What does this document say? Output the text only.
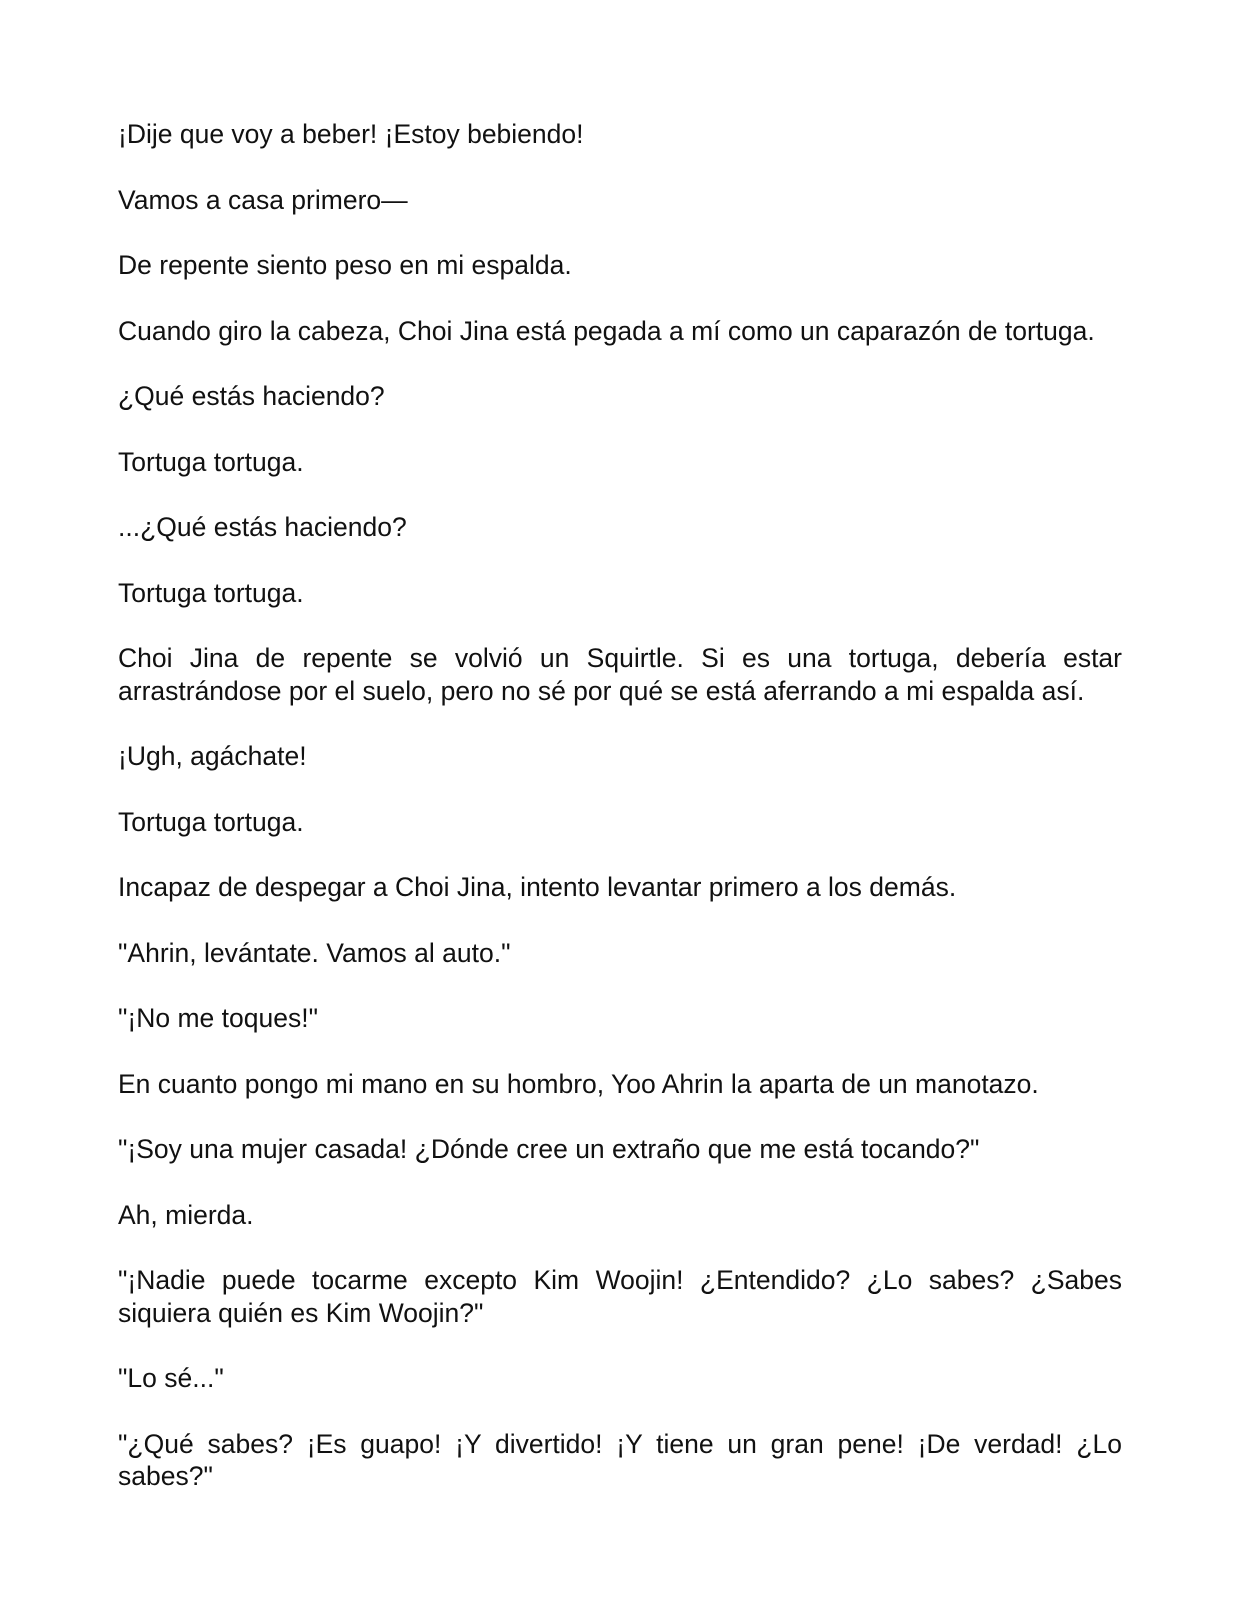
¡Dije que voy a beber! ¡Estoy bebiendo!

Vamos a casa primero—

De repente siento peso en mi espalda.

Cuando giro la cabeza, Choi Jina está pegada a mí como un caparazón de tortuga.

¿Qué estás haciendo?

Tortuga tortuga.

...¿Qué estás haciendo?

Tortuga tortuga.

Choi Jina de repente se volvió un Squirtle. Si es una tortuga, debería estar arrastrándose por el suelo, pero no sé por qué se está aferrando a mi espalda así.

¡Ugh, agáchate!

Tortuga tortuga.

Incapaz de despegar a Choi Jina, intento levantar primero a los demás.

"Ahrin, levántate. Vamos al auto."

"¡No me toques!"

En cuanto pongo mi mano en su hombro, Yoo Ahrin la aparta de un manotazo.

"¡Soy una mujer casada! ¿Dónde cree un extraño que me está tocando?"

Ah, mierda.

"¡Nadie puede tocarme excepto Kim Woojin! ¿Entendido? ¿Lo sabes? ¿Sabes siquiera quién es Kim Woojin?"

"Lo sé..."

"¿Qué sabes? ¡Es guapo! ¡Y divertido! ¡Y tiene un gran pene! ¡De verdad! ¿Lo sabes?"
